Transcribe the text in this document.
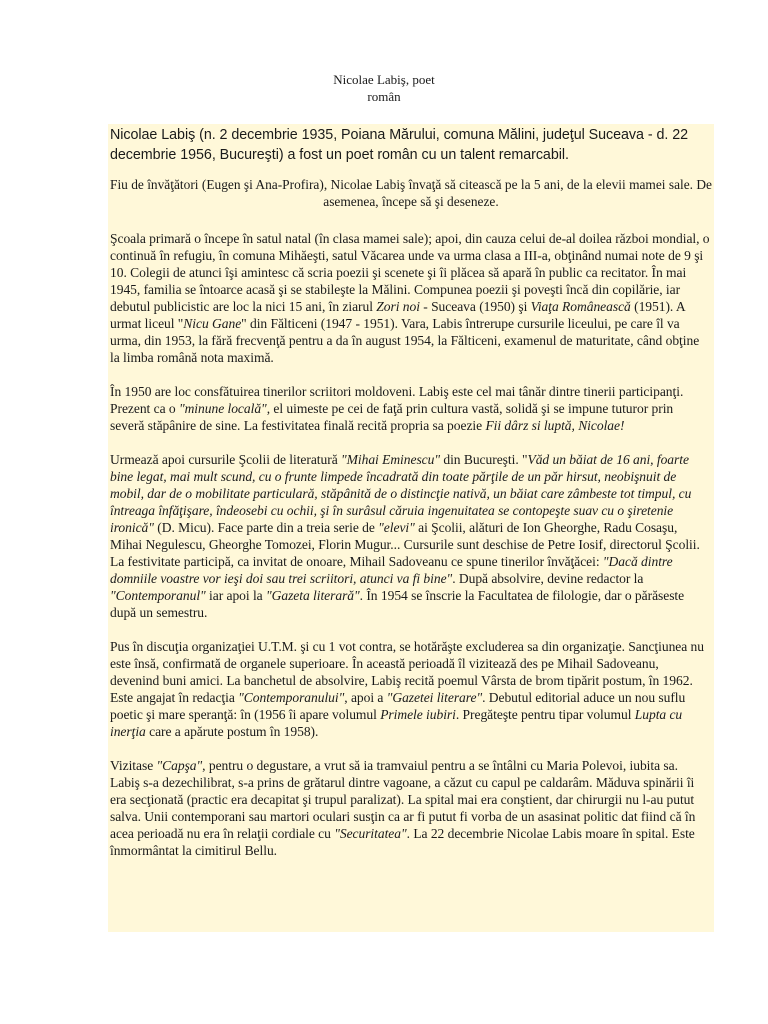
Nicolae Labiş, poet
român

Nicolae Labiş (n. 2 decembrie 1935, Poiana Mărului, comuna Mălini, judeţul Suceava - d. 22 decembrie 1956, Bucureşti) a fost un poet român cu un talent remarcabil.

Fiu de învăţători (Eugen şi Ana-Profira), Nicolae Labiş învaţă să citească pe la 5 ani, de la elevii mamei sale. De asemenea, începe să şi deseneze.

Şcoala primară o începe în satul natal (în clasa mamei sale); apoi, din cauza celui de-al doilea război mondial, o continuă în refugiu, în comuna Mihăeşti, satul Văcarea unde va urma clasa a III-a, obţinând numai note de 9 şi 10. Colegii de atunci îşi amintesc că scria poezii şi scenete şi îi plăcea să apară în public ca recitator. În mai 1945, familia se întoarce acasă şi se stabileşte la Mălini. Compunea poezii şi poveşti încă din copilărie, iar debutul publicistic are loc la nici 15 ani, în ziarul Zori noi - Suceava (1950) şi Viaţa Românească (1951). A urmat liceul "Nicu Gane" din Fălticeni (1947 - 1951). Vara, Labis întrerupe cursurile liceului, pe care îl va urma, din 1953, la fără frecvenţă pentru a da în august 1954, la Fălticeni, examenul de maturitate, când obţine la limba română nota maximă.

În 1950 are loc consfătuirea tinerilor scriitori moldoveni. Labiş este cel mai tânăr dintre tinerii participanţi. Prezent ca o "minune locală", el uimeste pe cei de faţă prin cultura vastă, solidă şi se impune tuturor prin severă stăpânire de sine. La festivitatea finală recită propria sa poezie Fii dârz si luptă, Nicolae!

Urmează apoi cursurile Şcolii de literatură "Mihai Eminescu" din Bucureşti. "Văd un băiat de 16 ani, foarte bine legat, mai mult scund, cu o frunte limpede încadrată din toate părţile de un păr hirsut, neobişnuit de mobil, dar de o mobilitate particulară, stăpânită de o distincţie nativă, un băiat care zâmbeste tot timpul, cu întreaga înfăţişare, îndeosebi cu ochii, şi în surâsul căruia ingenuitatea se contopeşte suav cu o şiretenie ironică" (D. Micu). Face parte din a treia serie de "elevi" ai Şcolii, alături de Ion Gheorghe, Radu Cosaşu, Mihai Negulescu, Gheorghe Tomozei, Florin Mugur... Cursurile sunt deschise de Petre Iosif, directorul Şcolii. La festivitate participă, ca invitat de onoare, Mihail Sadoveanu ce spune tinerilor învăţăcei: "Dacă dintre domniile voastre vor ieşi doi sau trei scriitori, atunci va fi bine". După absolvire, devine redactor la "Contemporanul" iar apoi la "Gazeta literară". În 1954 se înscrie la Facultatea de filologie, dar o părăseste după un semestru.

Pus în discuţia organizaţiei U.T.M. şi cu 1 vot contra, se hotărăşte excluderea sa din organizaţie. Sancţiunea nu este însă, confirmată de organele superioare. În această perioadă îl vizitează des pe Mihail Sadoveanu, devenind buni amici. La banchetul de absolvire, Labiş recită poemul Vârsta de brom tipărit postum, în 1962. Este angajat în redacţia "Contemporanului", apoi a "Gazetei literare". Debutul editorial aduce un nou suflu poetic şi mare speranţă: în (1956 îi apare volumul Primele iubiri. Pregăteşte pentru tipar volumul Lupta cu inerţia care a apărute postum în 1958).

Vizitase "Capşa", pentru o degustare, a vrut să ia tramvaiul pentru a se întâlni cu Maria Polevoi, iubita sa. Labiş s-a dezechilibrat, s-a prins de grătarul dintre vagoane, a căzut cu capul pe caldarâm. Măduva spinării îi era secţionată (practic era decapitat şi trupul paralizat). La spital mai era conştient, dar chirurgii nu l-au putut salva. Unii contemporani sau martori oculari susţin ca ar fi putut fi vorba de un asasinat politic dat fiind că în acea perioadă nu era în relaţii cordiale cu "Securitatea". La 22 decembrie Nicolae Labis moare în spital. Este înmormântat la cimitirul Bellu.
